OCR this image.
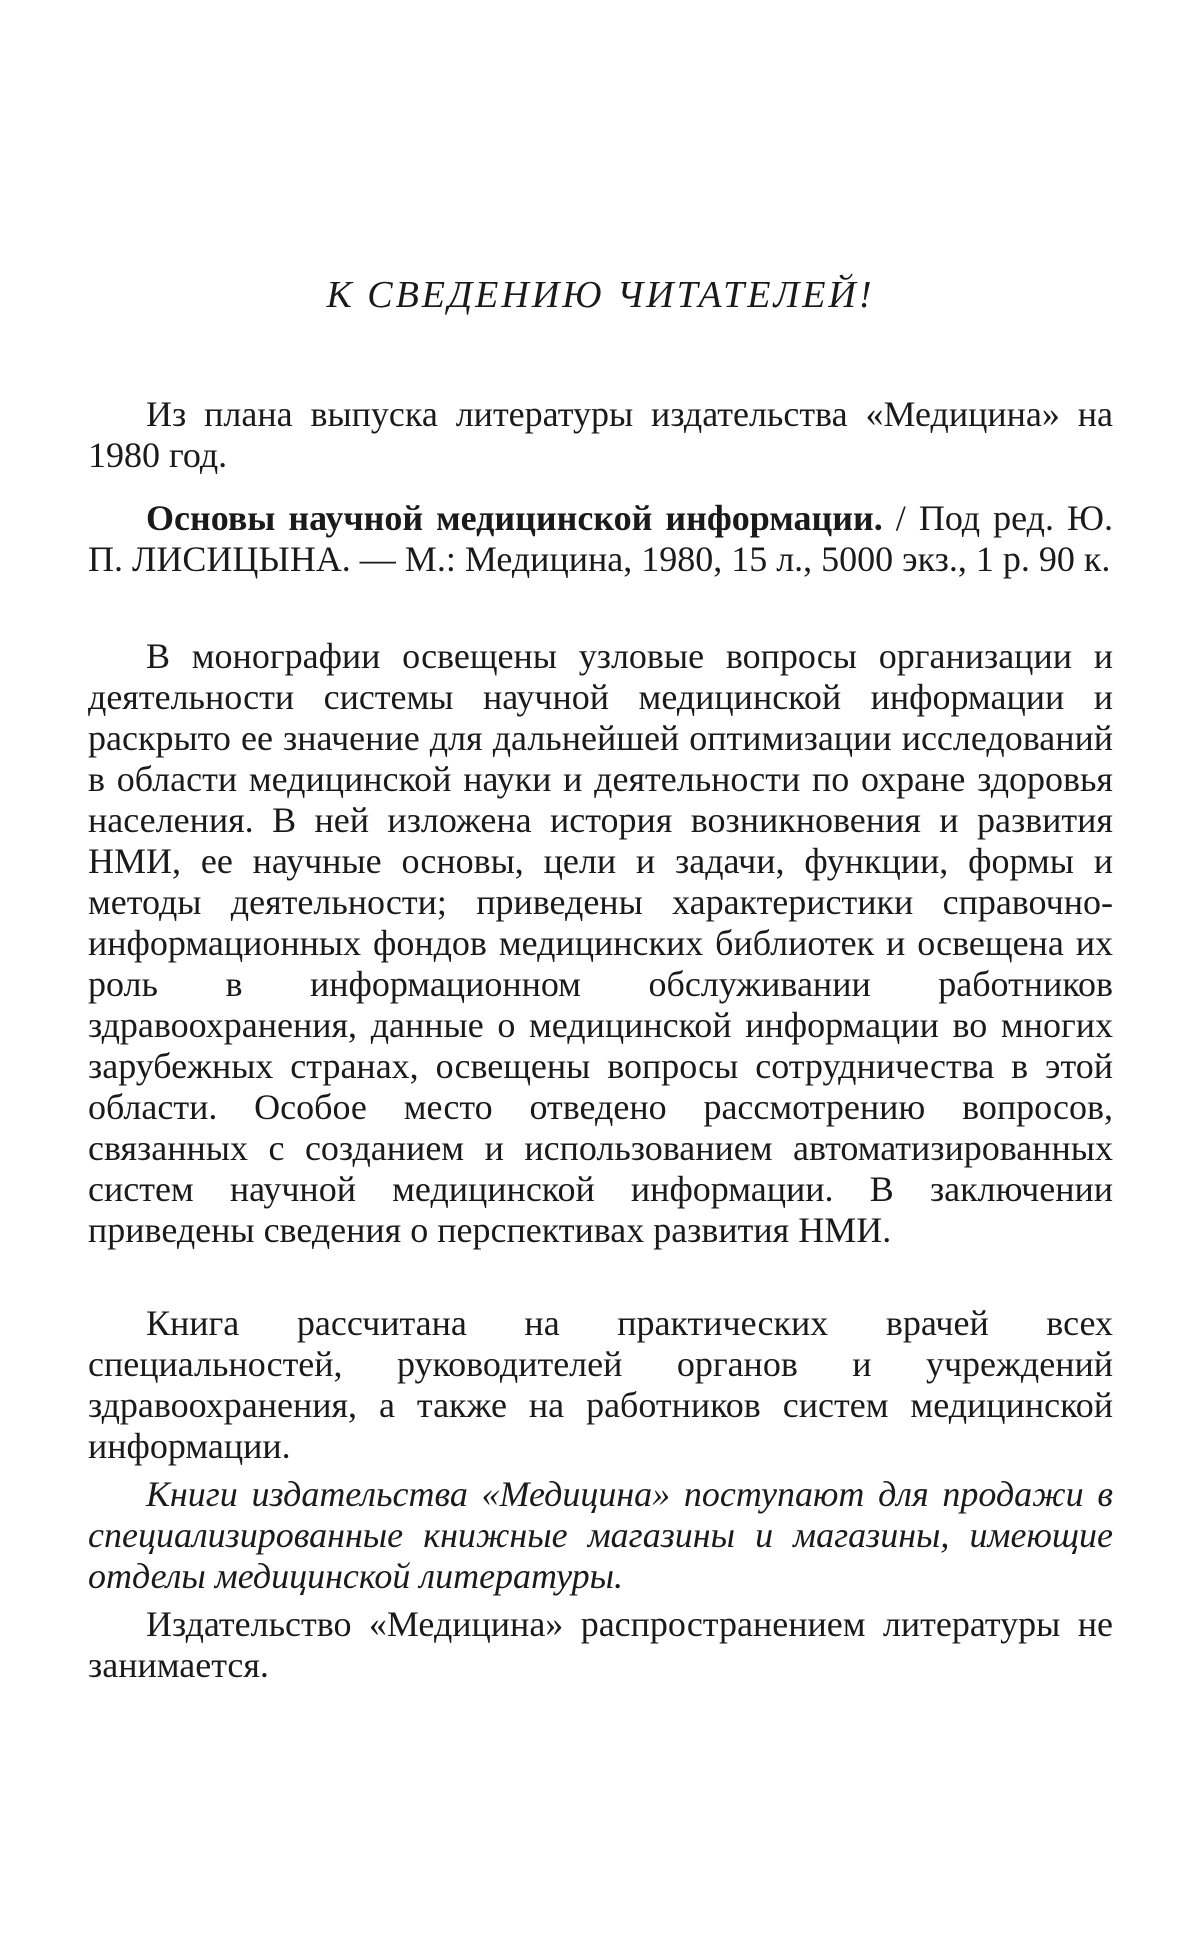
К СВЕДЕНИЮ ЧИТАТЕЛЕЙ!

Из плана выпуска литературы издательства «Медицина» на 1980 год.

Основы научной медицинской информации. / Под ред. Ю. П. ЛИСИЦЫНА. — М.: Медицина, 1980, 15 л., 5000 экз., 1 р. 90 к.

В монографии освещены узловые вопросы организации и деятельности системы научной медицинской информации и раскрыто ее значение для дальнейшей оптимизации исследований в области медицинской науки и деятельности по охране здоровья населения. В ней изложена история возникновения и развития НМИ, ее научные основы, цели и задачи, функции, формы и методы деятельности; приведены характеристики справочно-информационных фондов медицинских библиотек и освещена их роль в информационном обслуживании работников здравоохранения, данные о медицинской информации во многих зарубежных странах, освещены вопросы сотрудничества в этой области. Особое место отведено рассмотрению вопросов, связанных с созданием и использованием автоматизированных систем научной медицинской информации. В заключении приведены сведения о перспективах развития НМИ.

Книга рассчитана на практических врачей всех специальностей, руководителей органов и учреждений здравоохранения, а также на работников систем медицинской информации.

Книги издательства «Медицина» поступают для продажи в специализированные книжные магазины и магазины, имеющие отделы медицинской литературы.

Издательство «Медицина» распространением литературы не занимается.
